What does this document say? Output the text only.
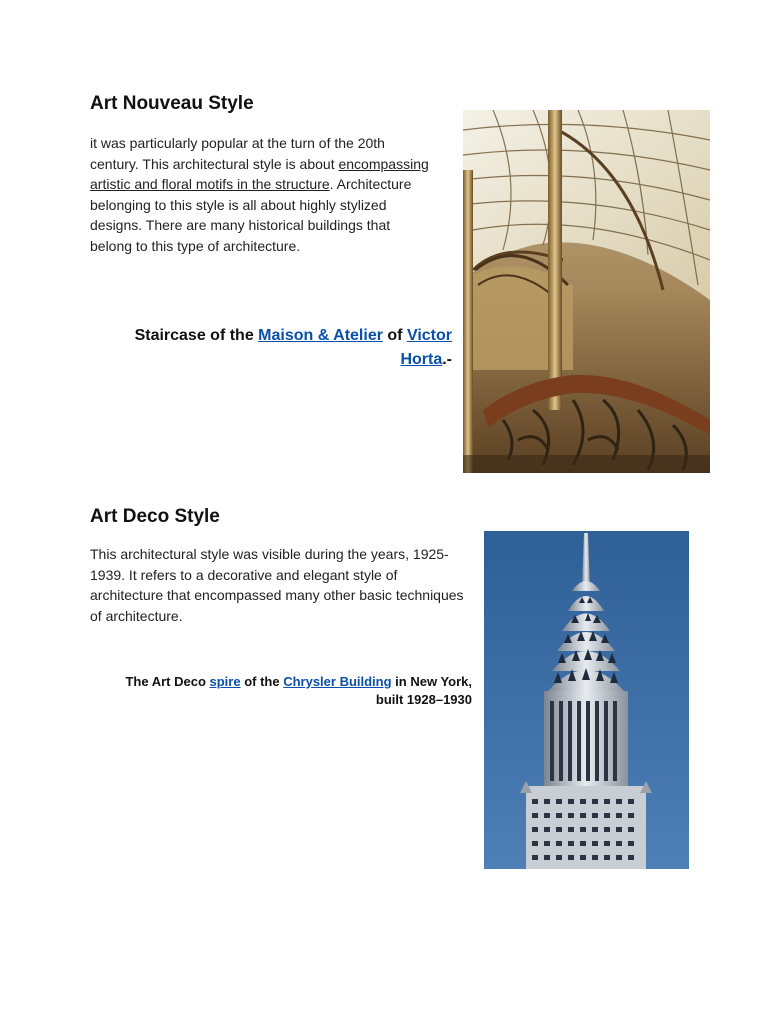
Art Nouveau Style

it was particularly popular at the turn of the 20th century. This architectural style is about encompassing artistic and floral motifs in the structure. Architecture belonging to this style is all about highly stylized designs. There are many historical buildings that belong to this type of architecture.

Staircase of the Maison & Atelier of Victor Horta.-

Art Deco Style

This architectural style was visible during the years, 1925-1939. It refers to a decorative and elegant style of architecture that encompassed many other basic techniques of architecture.

The Art Deco spire of the Chrysler Building in New York, built 1928–1930
